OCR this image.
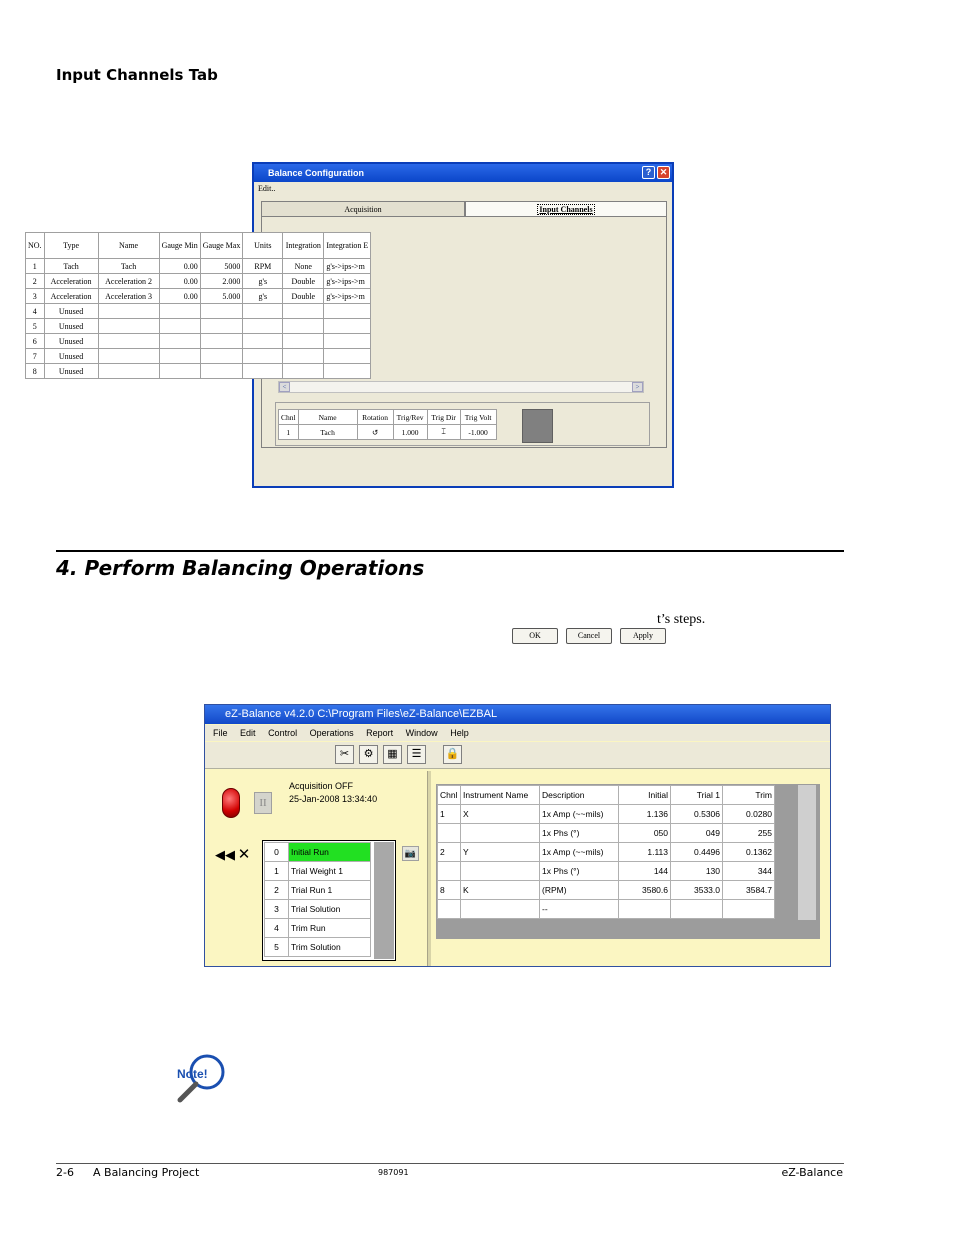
Input Channels Tab
Balance Configuration	? ✕
Edit..
Acquisition	Input Channels
OK	Cancel	Apply
NO.	Type	Name	Gauge Min	Gauge Max	Units	Integration	Integration E
1	Tach	Tach	0.00	5000	RPM	None	g's->ips->m
2	Acceleration	Acceleration 2	0.00	2.000	g's	Double	g's->ips->m
3	Acceleration	Acceleration 3	0.00	5.000	g's	Double	g's->ips->m
4	Unused						
5	Unused						
6	Unused						
7	Unused						
8	Unused						
<	>
Chnl	Name	Rotation	Trig/Rev	Trig Dir	Trig Volt
1	Tach	↺	1.000	⌶	-1.000
4. Perform Balancing Operations
t’s steps.
eZ-Balance v4.2.0 C:\Program Files\eZ-Balance\EZBAL
File Edit Control Operations Report Window Help
✂	⚙	▦	☰	🔒
II
Acquisition OFF
25-Jan-2008 13:34:40
◀◀ ✕	0	Initial Run
1	Trial Weight 1
2	Trial Run 1
3	Trial Solution
4	Trim Run
5	Trim Solution
📷
Chnl	Instrument Name	Description	Initial	Trial 1	Trim
1	X	1x Amp (~~mils)	1.136	0.5306	0.0280
		1x Phs (°)	050	049	255
2	Y	1x Amp (~~mils)	1.113	0.4496	0.1362
		1x Phs (°)	144	130	344
8	K	(RPM)	3580.6	3533.0	3584.7
		--			
Note!
2-6 A Balancing Project	987091	eZ-Balance
